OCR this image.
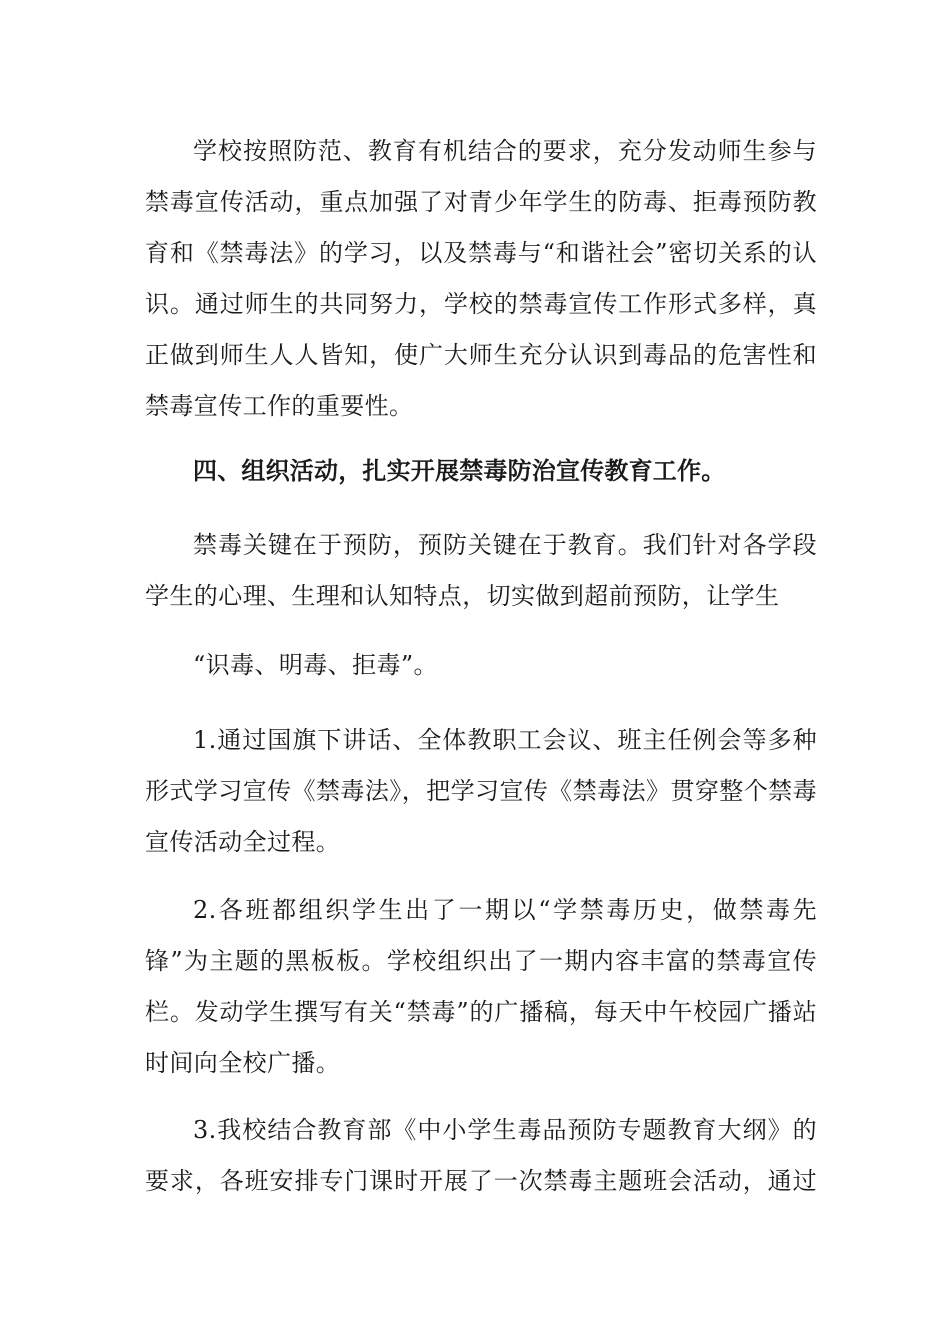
学校按照防范、教育有机结合的要求，充分发动师生参与禁毒宣传活动，重点加强了对青少年学生的防毒、拒毒预防教育和《禁毒法》的学习，以及禁毒与“和谐社会”密切关系的认识。通过师生的共同努力，学校的禁毒宣传工作形式多样，真正做到师生人人皆知，使广大师生充分认识到毒品的危害性和禁毒宣传工作的重要性。

四、组织活动，扎实开展禁毒防治宣传教育工作。

禁毒关键在于预防，预防关键在于教育。我们针对各学段学生的心理、生理和认知特点，切实做到超前预防，让学生

“识毒、明毒、拒毒”。

1.通过国旗下讲话、全体教职工会议、班主任例会等多种形式学习宣传《禁毒法》，把学习宣传《禁毒法》贯穿整个禁毒宣传活动全过程。

2.各班都组织学生出了一期以“学禁毒历史，做禁毒先锋”为主题的黑板板。学校组织出了一期内容丰富的禁毒宣传栏。发动学生撰写有关“禁毒”的广播稿，每天中午校园广播站时间向全校广播。

3.我校结合教育部《中小学生毒品预防专题教育大纲》的要求，各班安排专门课时开展了一次禁毒主题班会活动，通过
